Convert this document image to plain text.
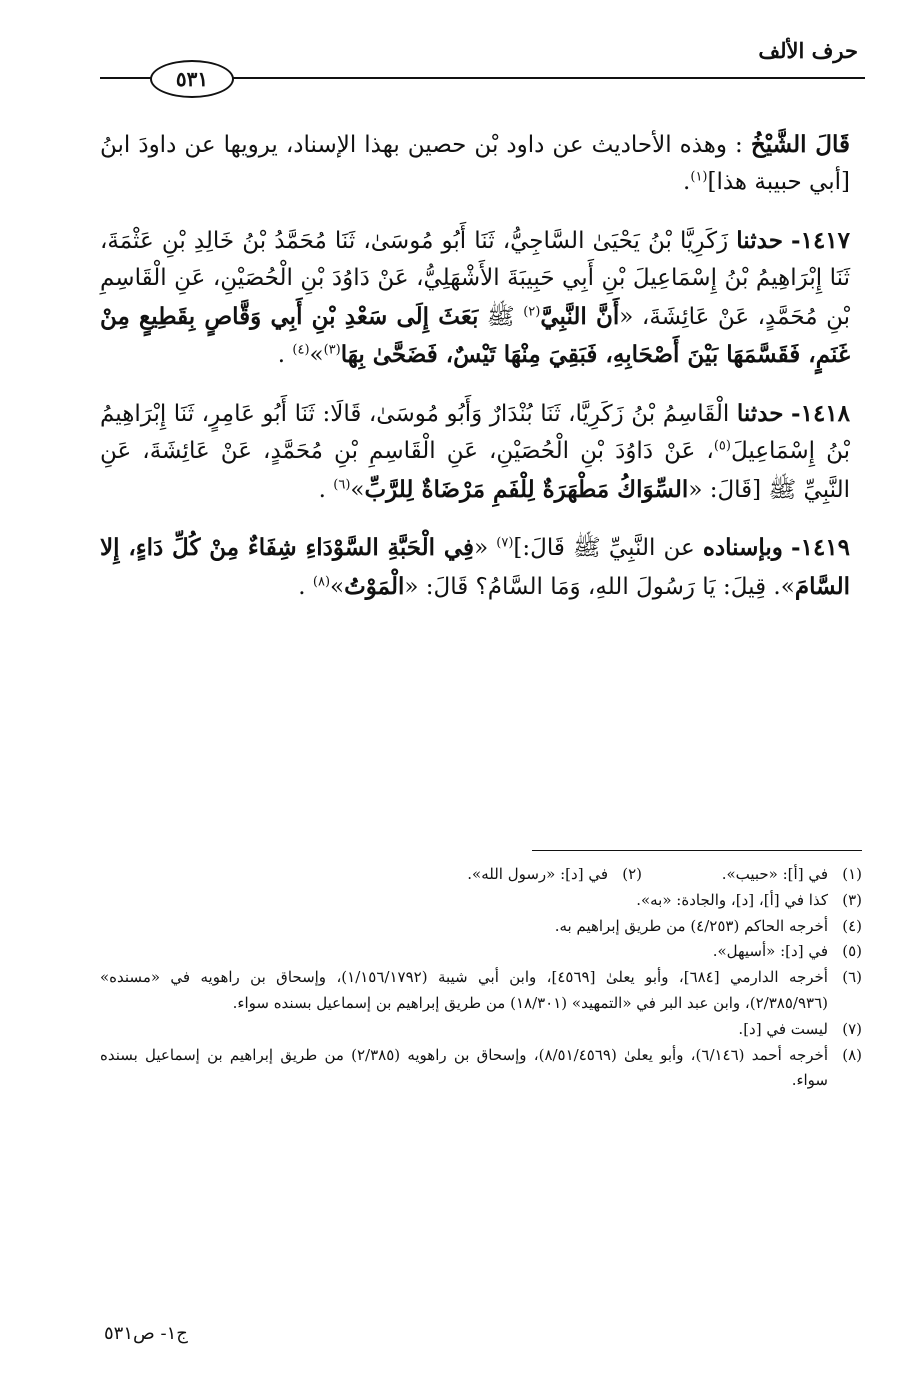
حرف الألف
٥٣١

قَالَ الشَّيْخُ : وهذه الأحاديث عن داود بْن حصين بهذا الإسناد، يرويها عن داودَ ابنُ [أبي حبيبة هذا]$^{(١)}$.

١٤١٧- حدثنا زَكَرِيَّا بْنُ يَحْيَىٰ السَّاجِيُّ، ثَنَا أَبُو مُوسَىٰ، ثَنَا مُحَمَّدُ بْنُ خَالِدِ بْنِ عَثْمَةَ، ثَنَا إِبْرَاهِيمُ بْنُ إِسْمَاعِيلَ بْنِ أَبِي حَبِيبَةَ الأَشْهَلِيُّ، عَنْ دَاوُدَ بْنِ الْحُصَيْنِ، عَنِ الْقَاسِمِ بْنِ مُحَمَّدٍ، عَنْ عَائِشَةَ، «أَنَّ النَّبِيَّ$^{(٢)}$ ﷺ بَعَثَ إِلَى سَعْدِ بْنِ أَبِي وَقَّاصٍ بِقَطِيعٍ مِنْ غَنَمٍ، فَقَسَّمَهَا بَيْنَ أَصْحَابِهِ، فَبَقِيَ مِنْهَا تَيْسٌ، فَضَحَّىٰ بِهَا$^{(٣)}$»$^{(٤)}$ .

١٤١٨- حدثنا الْقَاسِمُ بْنُ زَكَرِيَّا، ثَنَا بُنْدَارٌ وَأَبُو مُوسَىٰ، قَالَا: ثَنَا أَبُو عَامِرٍ، ثَنَا إِبْرَاهِيمُ بْنُ إِسْمَاعِيلَ$^{(٥)}$، عَنْ دَاوُدَ بْنِ الْحُصَيْنِ، عَنِ الْقَاسِمِ بْنِ مُحَمَّدٍ، عَنْ عَائِشَةَ، عَنِ النَّبِيِّ ﷺ [قَالَ: «السِّوَاكُ مَطْهَرَةٌ لِلْفَمِ مَرْضَاةٌ لِلرَّبِّ»$^{(٦)}$ .

١٤١٩- وبإسناده عن النَّبِيِّ ﷺ قَالَ:]$^{(٧)}$ «فِي الْحَبَّةِ السَّوْدَاءِ شِفَاءٌ مِنْ كُلِّ دَاءٍ، إِلا السَّامَ». قِيلَ: يَا رَسُولَ اللهِ، وَمَا السَّامُ؟ قَالَ: «الْمَوْتُ»$^{(٨)}$ .

(١)
في [أ]: «حبيب».
(٢)
في [د]: «رسول الله».
(٣)
كذا في [أ]، [د]، والجادة: «به».
(٤)
أخرجه الحاكم (٤/٢٥٣) من طريق إبراهيم به.
(٥)
في [د]: «أسيهل».
(٦)
أخرجه الدارمي [٦٨٤]، وأبو يعلىٰ [٤٥٦٩]، وابن أبي شيبة (١/١٥٦/١٧٩٢)، وإسحاق بن راهويه في «مسنده» (٢/٣٨٥/٩٣٦)، وابن عبد البر في «التمهيد» (١٨/٣٠١) من طريق إبراهيم بن إسماعيل بسنده سواء.
(٧)
ليست في [د].
(٨)
أخرجه أحمد (٦/١٤٦)، وأبو يعلىٰ (٨/٥١/٤٥٦٩)، وإسحاق بن راهويه (٢/٣٨٥) من طريق إبراهيم بن إسماعيل بسنده سواء.

ج١- ص٥٣١
